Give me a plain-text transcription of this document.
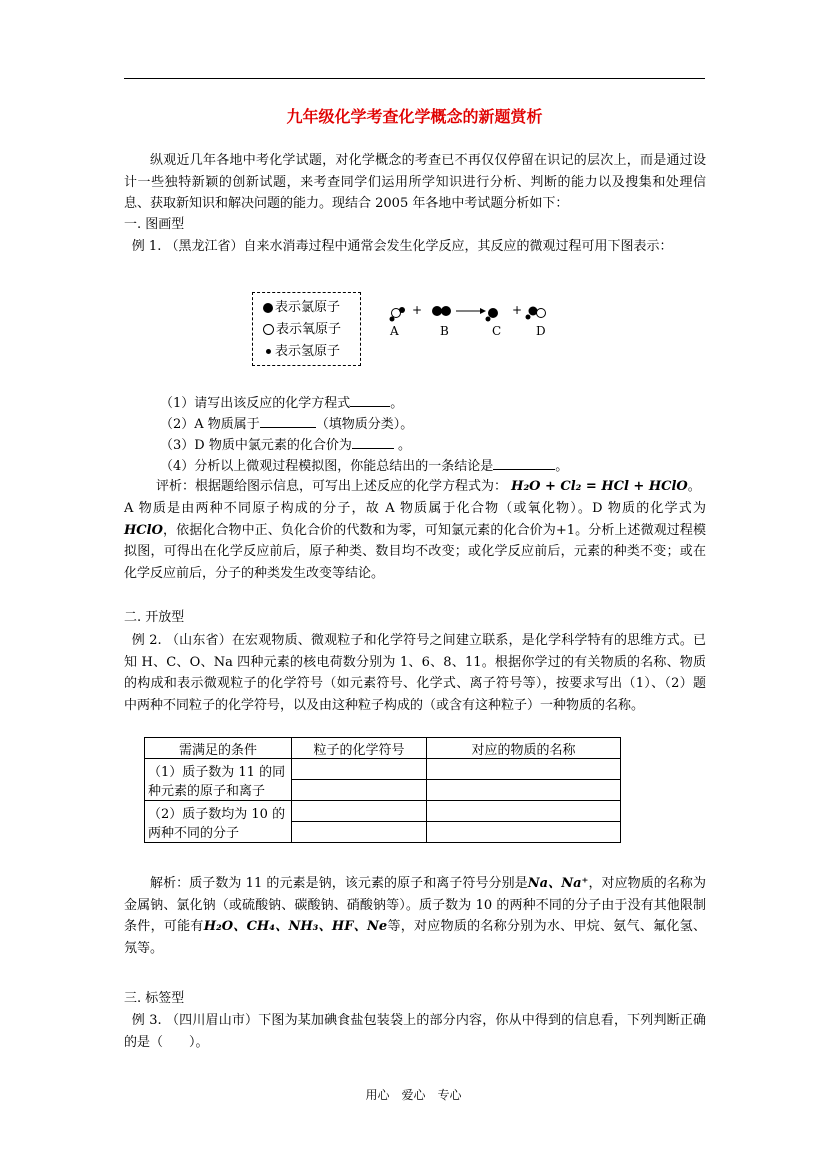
九年级化学考查化学概念的新题赏析

纵观近几年各地中考化学试题，对化学概念的考查已不再仅仅停留在识记的层次上，而是通过设计一些独特新颖的创新试题，来考查同学们运用所学知识进行分析、判断的能力以及搜集和处理信息、获取新知识和解决问题的能力。现结合 2005 年各地中考试题分析如下：

一. 图画型

例 1. （黑龙江省）自来水消毒过程中通常会发生化学反应，其反应的微观过程可用下图表示：

表示氯原子
表示氧原子
表示氢原子
+	+
A	B	C	D
（1）请写出该反应的化学方程式	。
（2）A 物质属于	（填物质分类）。
（3）D 物质中氯元素的化合价为	。
（4）分析以上微观过程模拟图，你能总结出的一条结论是	。
评析：根据题给图示信息，可写出上述反应的化学方程式为： H₂O + Cl₂ = HCl + HClO。

A 物质是由两种不同原子构成的分子，故 A 物质属于化合物（或氧化物）。D 物质的化学式为HClO，依据化合物中正、负化合价的代数和为零，可知氯元素的化合价为+1。分析上述微观过程模拟图，可得出在化学反应前后，原子种类、数目均不改变；或化学反应前后，元素的种类不变；或在化学反应前后，分子的种类发生改变等结论。

二. 开放型

例 2. （山东省）在宏观物质、微观粒子和化学符号之间建立联系，是化学科学特有的思维方式。已知 H、C、O、Na 四种元素的核电荷数分别为 1、6、8、11。根据你学过的有关物质的名称、物质的构成和表示微观粒子的化学符号（如元素符号、化学式、离子符号等），按要求写出（1）、（2）题中两种不同粒子的化学符号，以及由这种粒子构成的（或含有这种粒子）一种物质的名称。

需满足的条件	粒子的化学符号	对应的物质的名称
（1）质子数为 11 的同种元素的原子和离子		

（2）质子数均为 10 的两种不同的分子		

解析：质子数为 11 的元素是钠，该元素的原子和离子符号分别是Na、Na⁺，对应物质的名称为金属钠、氯化钠（或硫酸钠、碳酸钠、硝酸钠等）。质子数为 10 的两种不同的分子由于没有其他限制条件，可能有H₂O、CH₄、NH₃、HF、Ne等，对应物质的名称分别为水、甲烷、氨气、氟化氢、氖等。

三. 标签型

例 3. （四川眉山市）下图为某加碘食盐包装袋上的部分内容，你从中得到的信息看，下列判断正确的是（　　）。

用心 爱心 专心
